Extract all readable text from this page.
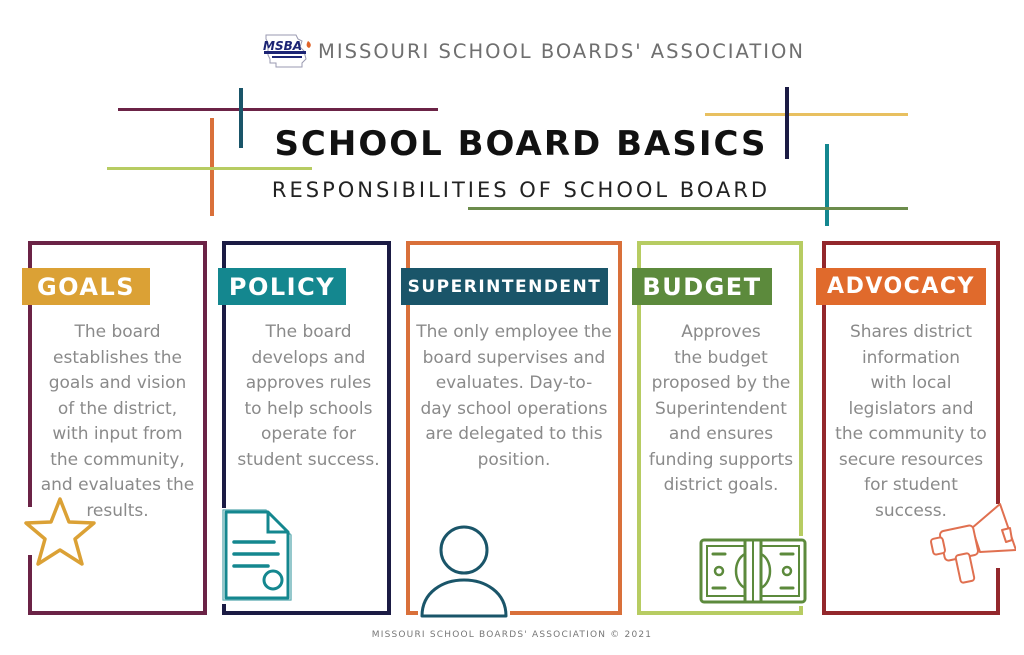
MSBA MISSOURI SCHOOL BOARDS' ASSOCIATION
SCHOOL BOARD BASICS
RESPONSIBILITIES OF SCHOOL BOARD
GOALS
The board
establishes the
goals and vision
of the district,
with input from
the community,
and evaluates the
results.
POLICY
The board
develops and
approves rules
to help schools
operate for
student success.
SUPERINTENDENT
The only employee the
board supervises and
evaluates. Day-to-
day school operations
are delegated to this
position.
BUDGET
Approves
the budget
proposed by the
Superintendent
and ensures
funding supports
district goals.
ADVOCACY
Shares district
information
with local
legislators and
the community to
secure resources
for student
success.
MISSOURI SCHOOL BOARDS' ASSOCIATION © 2021
